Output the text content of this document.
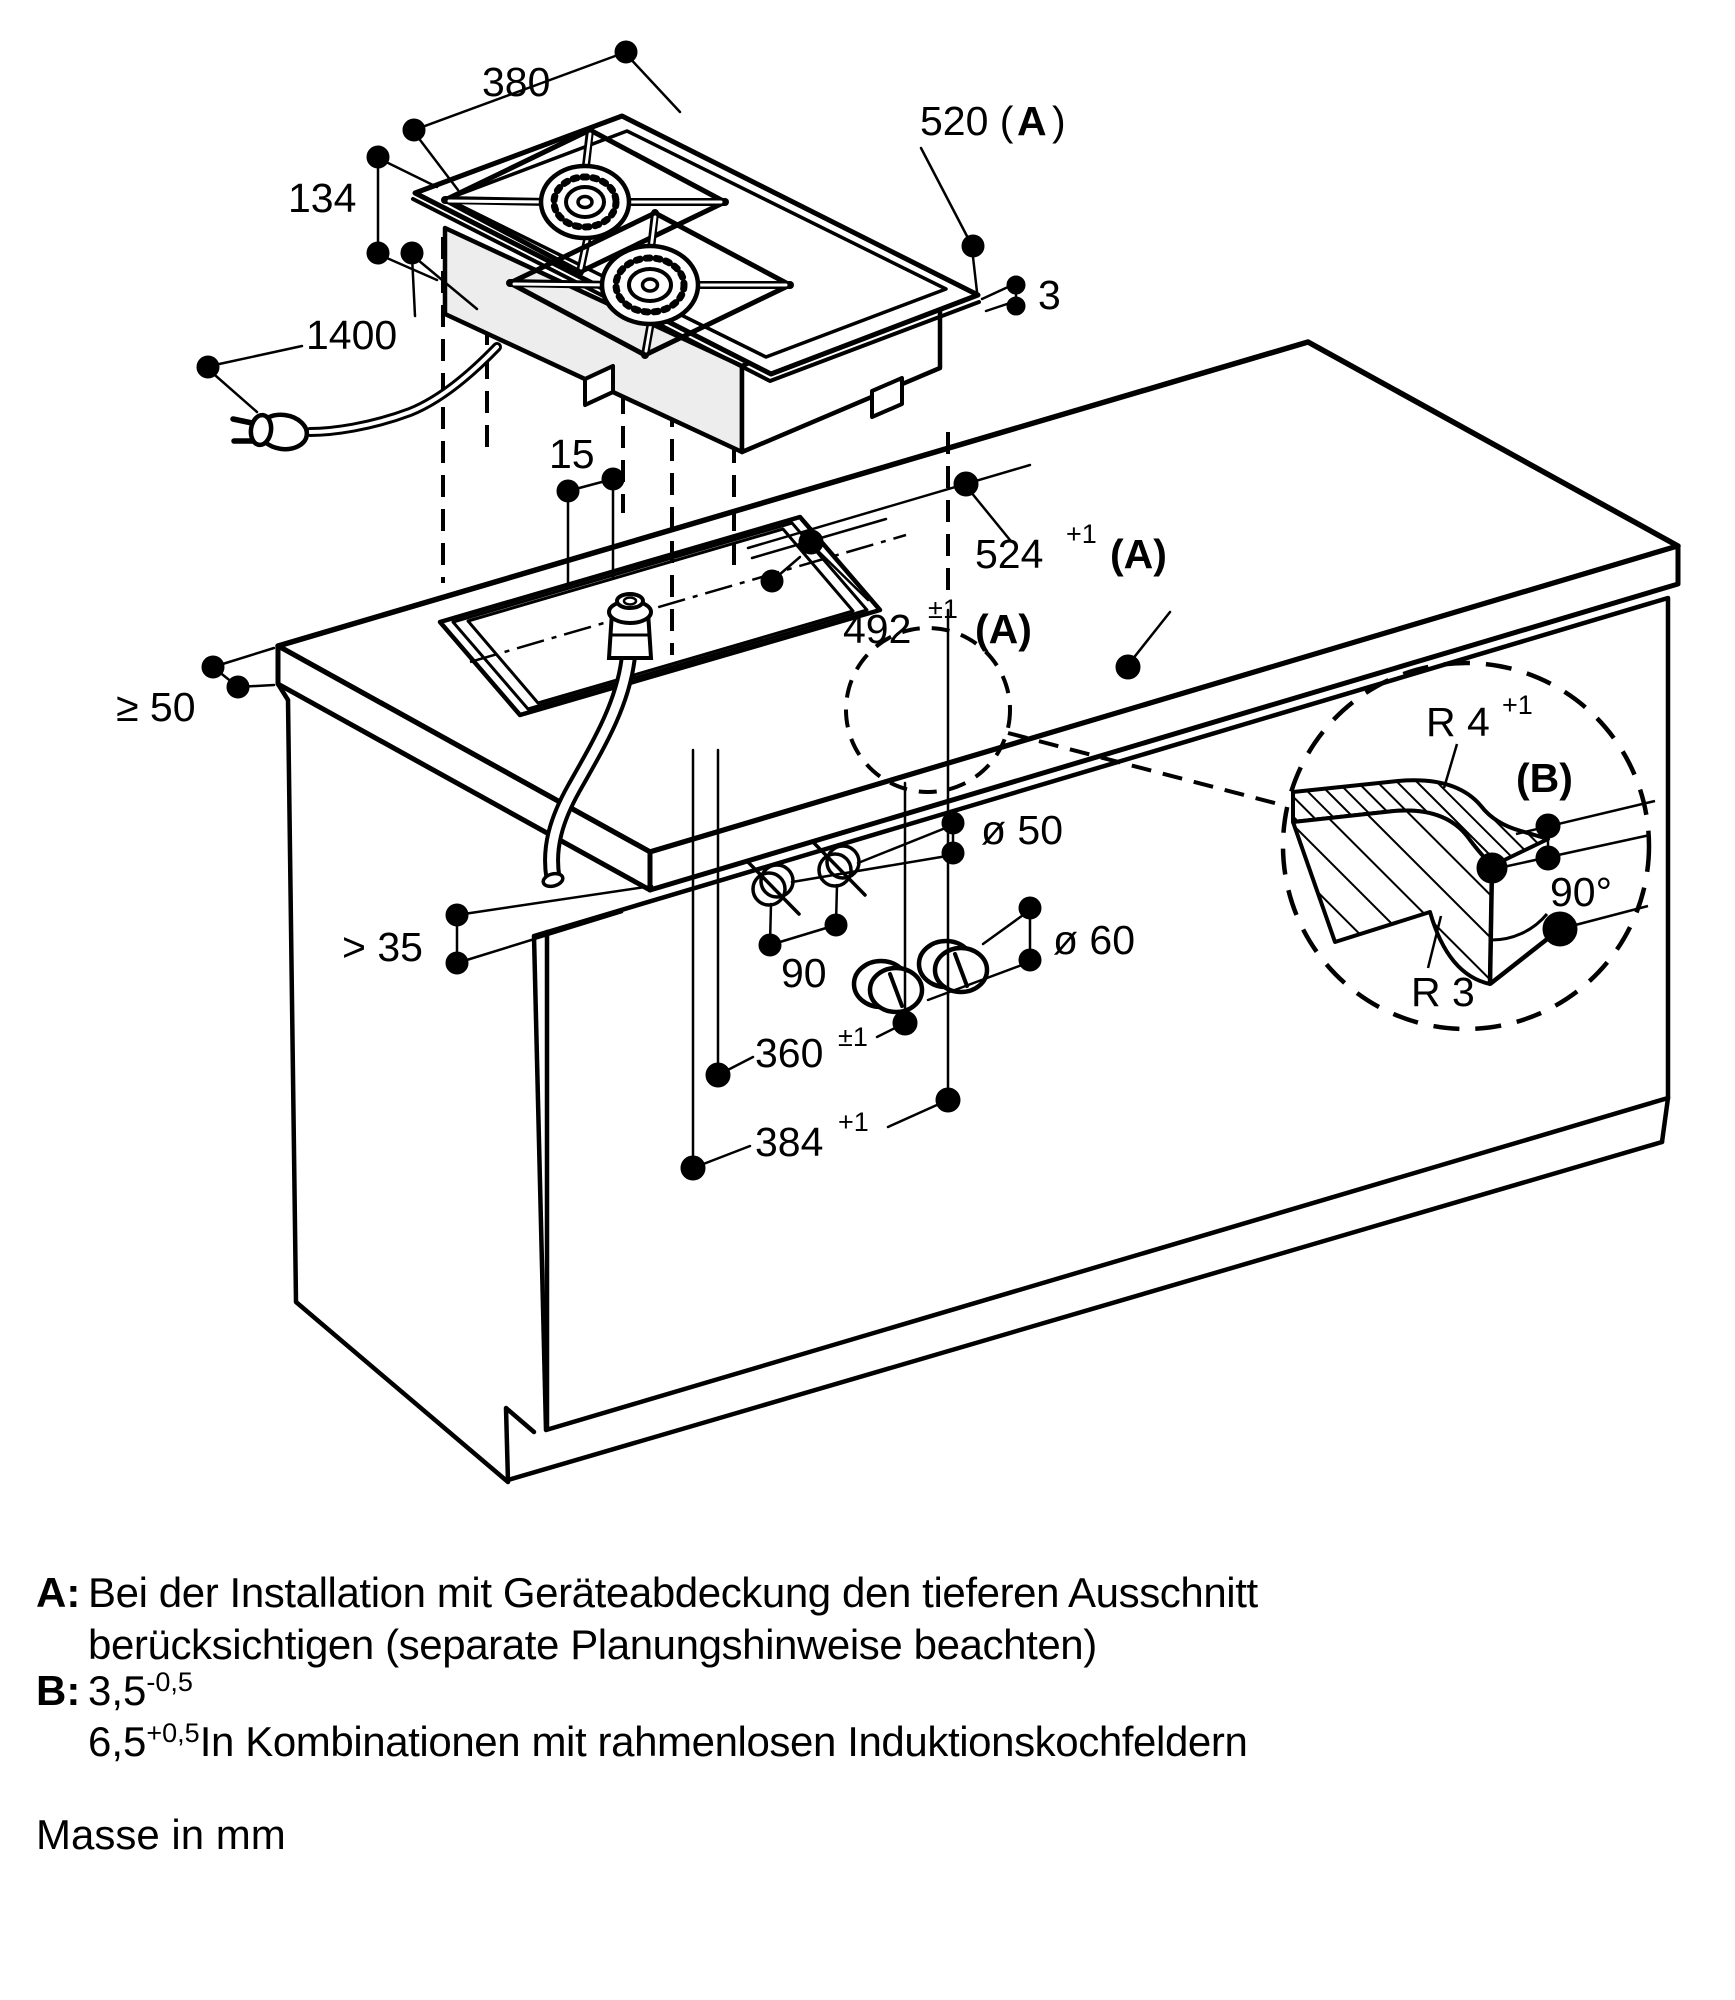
380
520 ( A )
134
1400
3
15
524 +1 (A)
492 ±1 (A)
≥ 50
> 35
ø 50
ø 60
90
360 ±1
384 +1
R 4 +1
(B)
90°
R 3
A: Bei der Installation mit Geräteabdeckung den tieferen Ausschnitt
berücksichtigen (separate Planungshinweise beachten)
B: $3,5^{-0,5}$
$6,5^{+0,5}In$ Kombinationen mit rahmenlosen Induktionskochfeldern
Masse in mm
